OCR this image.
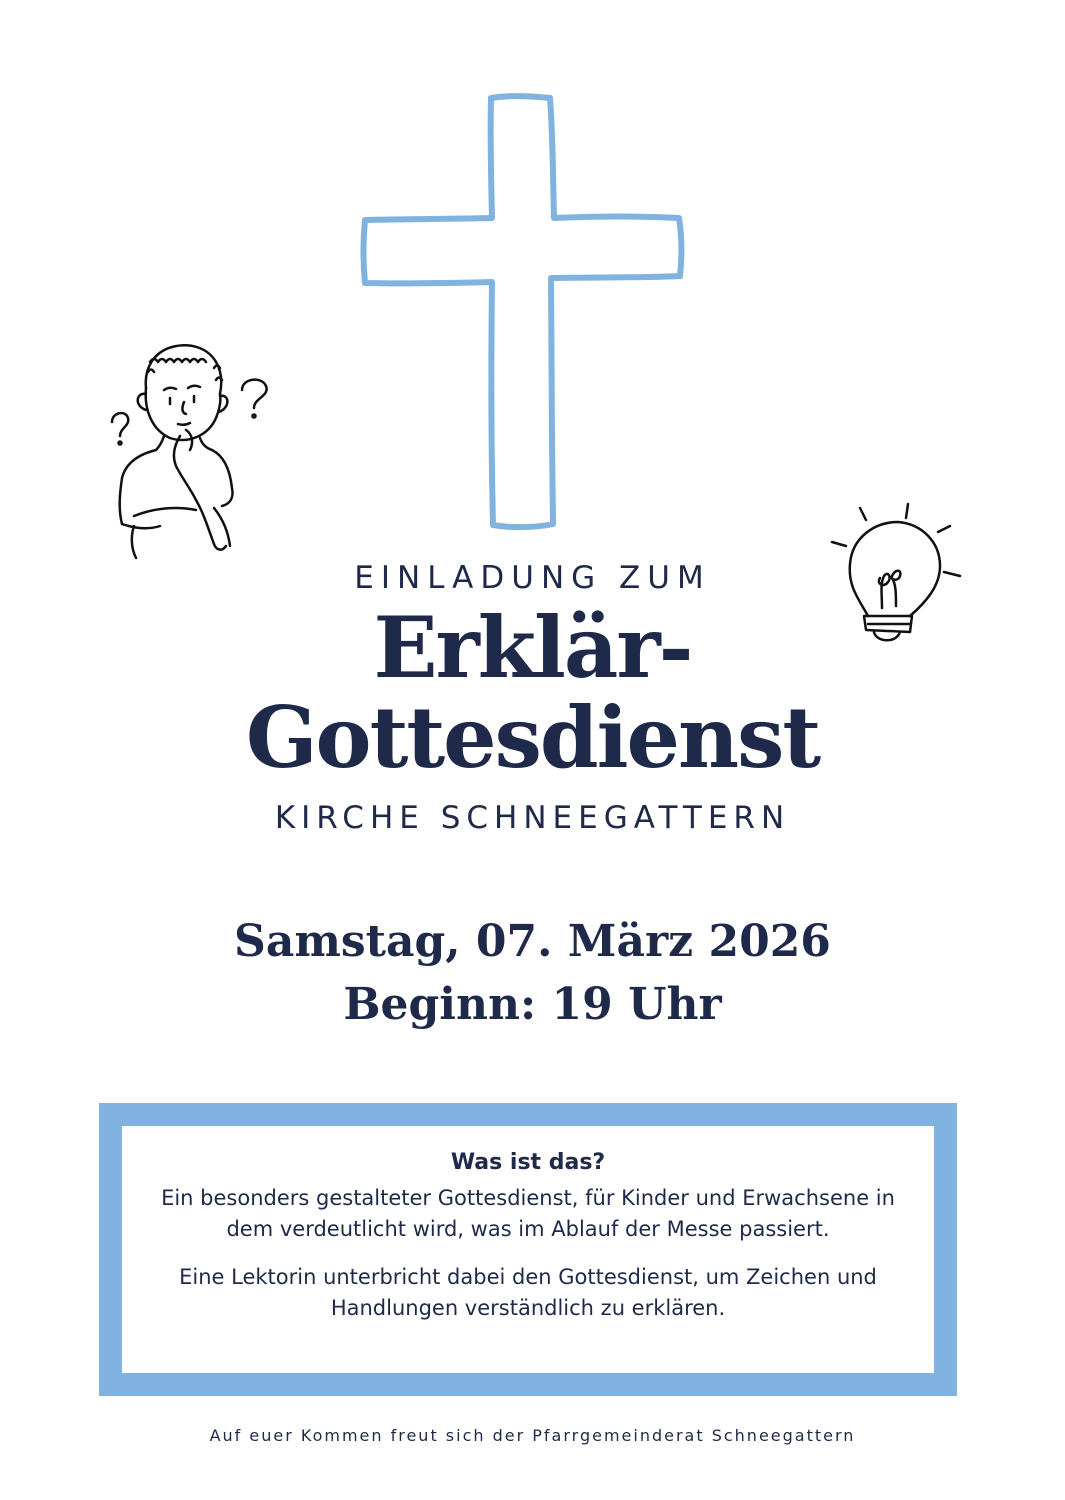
EINLADUNG ZUM
Erklär-
Gottesdienst
KIRCHE SCHNEEGATTERN
Samstag, 07. März 2026
Beginn: 19 Uhr
Was ist das?
Ein besonders gestalteter Gottesdienst, für Kinder und Erwachsene in
dem verdeutlicht wird, was im Ablauf der Messe passiert.
Eine Lektorin unterbricht dabei den Gottesdienst, um Zeichen und
Handlungen verständlich zu erklären.
Auf euer Kommen freut sich der Pfarrgemeinderat Schneegattern
